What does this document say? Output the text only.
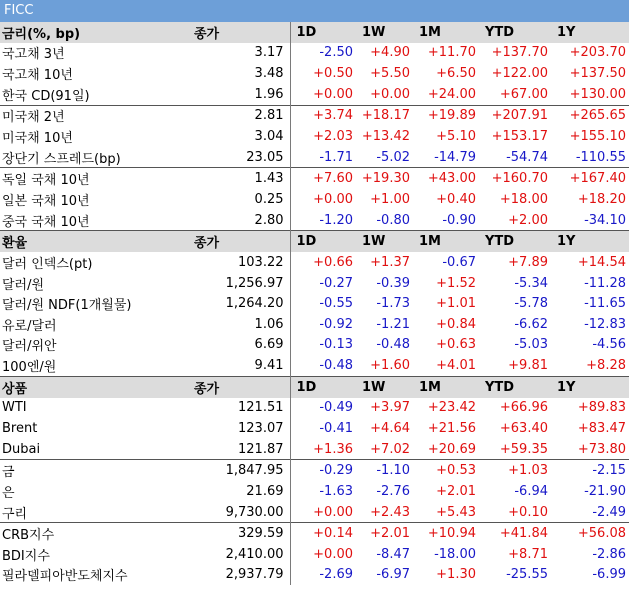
FICC
금리(%, bp)	종가	1D	1W	1M	YTD	1Y
국고채 3년	3.17	-2.50	+4.90	+11.70	+137.70	+203.70
국고채 10년	3.48	+0.50	+5.50	+6.50	+122.00	+137.50
한국 CD(91일)	1.96	+0.00	+0.00	+24.00	+67.00	+130.00
미국채 2년	2.81	+3.74	+18.17	+19.89	+207.91	+265.65
미국채 10년	3.04	+2.03	+13.42	+5.10	+153.17	+155.10
장단기 스프레드(bp)	23.05	-1.71	-5.02	-14.79	-54.74	-110.55
독일 국채 10년	1.43	+7.60	+19.30	+43.00	+160.70	+167.40
일본 국채 10년	0.25	+0.00	+1.00	+0.40	+18.00	+18.20
중국 국채 10년	2.80	-1.20	-0.80	-0.90	+2.00	-34.10
환율	종가	1D	1W	1M	YTD	1Y
달러 인덱스(pt)	103.22	+0.66	+1.37	-0.67	+7.89	+14.54
달러/원	1,256.97	-0.27	-0.39	+1.52	-5.34	-11.28
달러/원 NDF(1개월물)	1,264.20	-0.55	-1.73	+1.01	-5.78	-11.65
유로/달러	1.06	-0.92	-1.21	+0.84	-6.62	-12.83
달러/위안	6.69	-0.13	-0.48	+0.63	-5.03	-4.56
100엔/원	9.41	-0.48	+1.60	+4.01	+9.81	+8.28
상품	종가	1D	1W	1M	YTD	1Y
WTI	121.51	-0.49	+3.97	+23.42	+66.96	+89.83
Brent	123.07	-0.41	+4.64	+21.56	+63.40	+83.47
Dubai	121.87	+1.36	+7.02	+20.69	+59.35	+73.80
금	1,847.95	-0.29	-1.10	+0.53	+1.03	-2.15
은	21.69	-1.63	-2.76	+2.01	-6.94	-21.90
구리	9,730.00	+0.00	+2.43	+5.43	+0.10	-2.49
CRB지수	329.59	+0.14	+2.01	+10.94	+41.84	+56.08
BDI지수	2,410.00	+0.00	-8.47	-18.00	+8.71	-2.86
필라델피아반도체지수	2,937.79	-2.69	-6.97	+1.30	-25.55	-6.99
